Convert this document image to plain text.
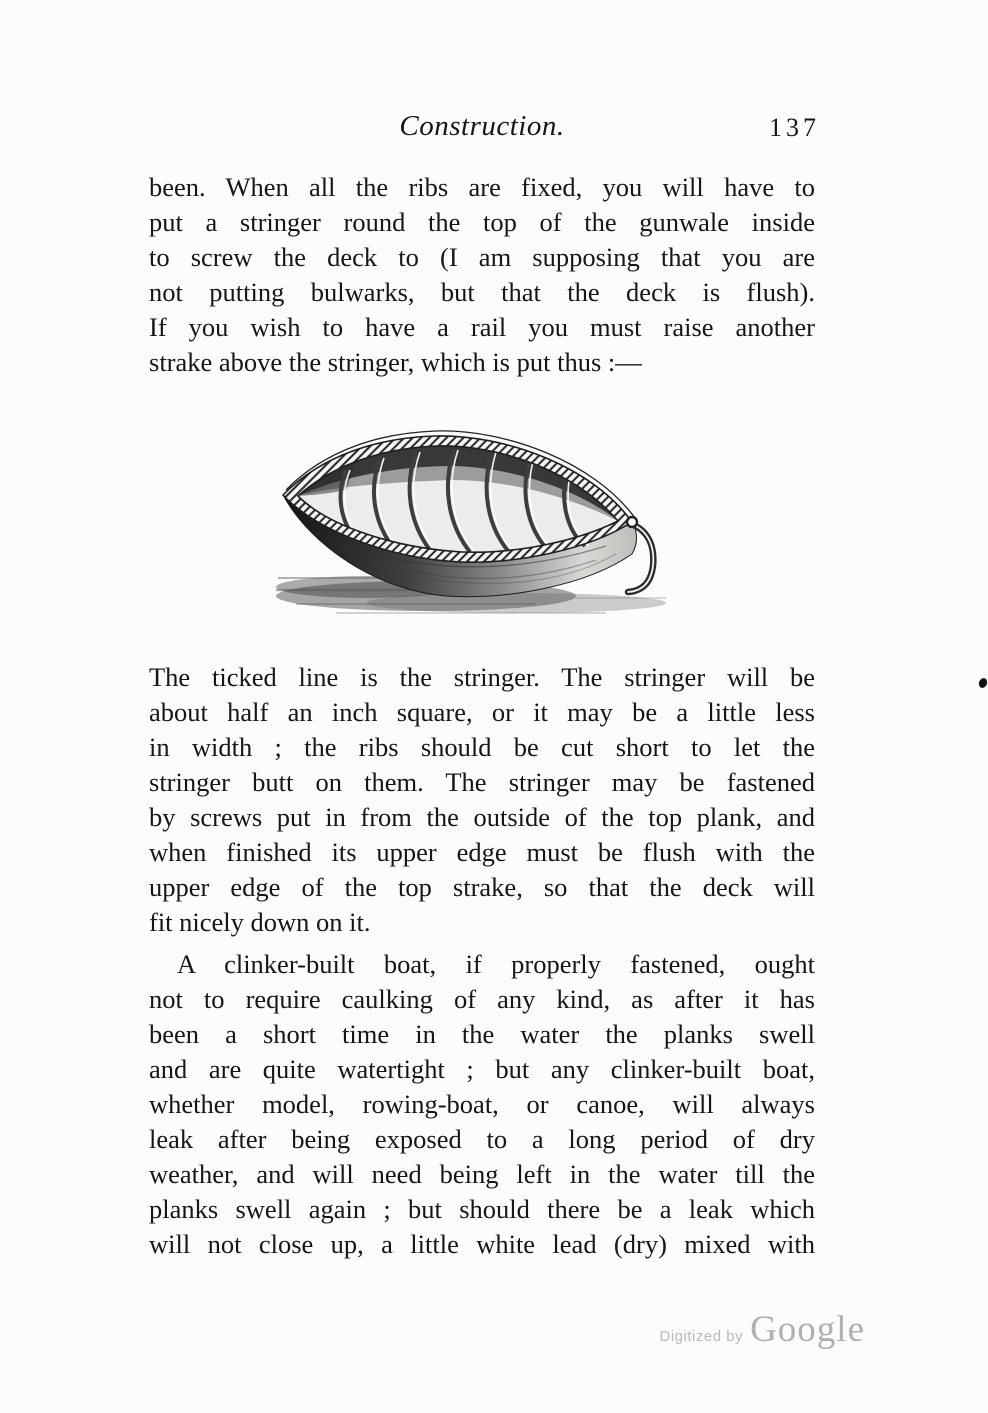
Construction.	137
been. When all the ribs are fixed, you will have to
put a stringer round the top of the gunwale inside
to screw the deck to (I am supposing that you are
not putting bulwarks, but that the deck is flush).
If you wish to have a rail you must raise another
strake above the stringer, which is put thus :—
The ticked line is the stringer. The stringer will be
about half an inch square, or it may be a little less
in width ; the ribs should be cut short to let the
stringer butt on them. The stringer may be fastened
by screws put in from the outside of the top plank, and
when finished its upper edge must be flush with the
upper edge of the top strake, so that the deck will
fit nicely down on it.
A clinker-built boat, if properly fastened, ought
not to require caulking of any kind, as after it has
been a short time in the water the planks swell
and are quite watertight ; but any clinker-built boat,
whether model, rowing-boat, or canoe, will always
leak after being exposed to a long period of dry
weather, and will need being left in the water till the
planks swell again ; but should there be a leak which
will not close up, a little white lead (dry) mixed with
Digitized by Google
